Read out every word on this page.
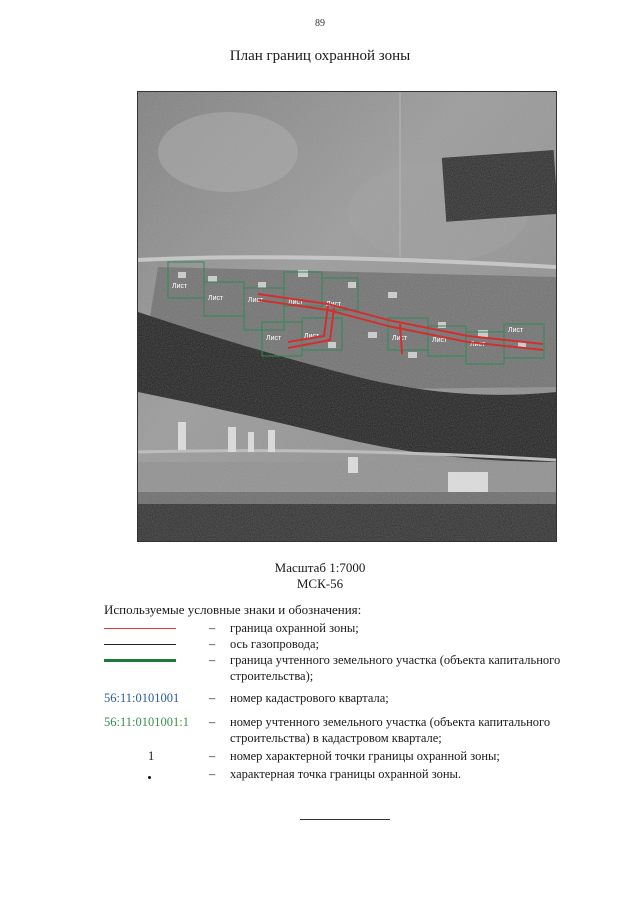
89
План границ охранной зоны
Лист
Лист	Лист	Лист	Лист
Лист	Лист	Лист	Лист
Лист
Лист
Масштаб 1:7000
МСК-56
Используемые условные знаки и обозначения:
– граница охранной зоны;
– ось газопровода;
– граница учтенного земельного участка (объекта капитального строительства);
56:11:0101001	– номер кадастрового квартала;
56:11:0101001:1	– номер учтенного земельного участка (объекта капитального строительства) в кадастровом квартале;
1	– номер характерной точки границы охранной зоны;
– характерная точка границы охранной зоны.
